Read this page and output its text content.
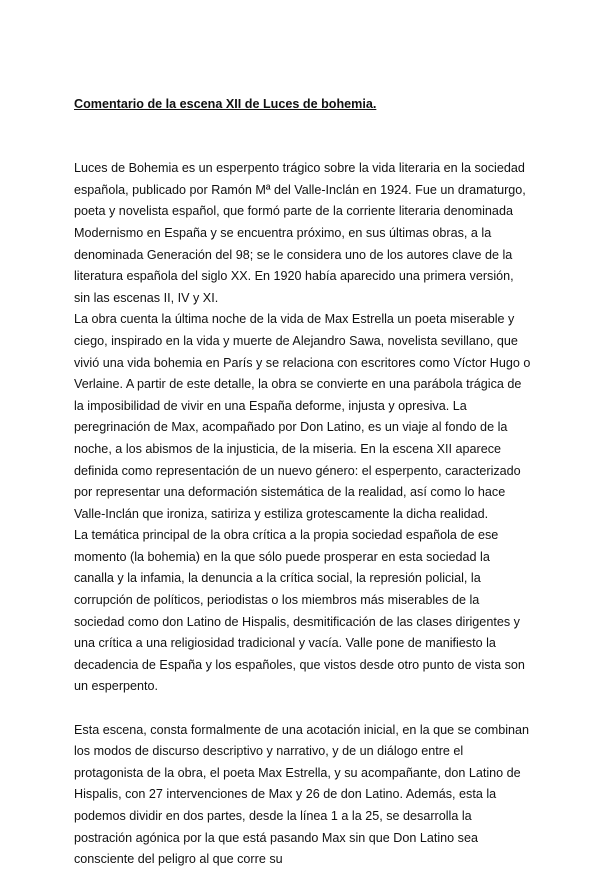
Comentario de la escena XII de Luces de bohemia.

Luces de Bohemia es un esperpento trágico sobre la vida literaria en la sociedad española, publicado por Ramón Mª del Valle-Inclán en 1924. Fue un dramaturgo, poeta y novelista español, que formó parte de la corriente literaria denominada Modernismo en España y se encuentra próximo, en sus últimas obras, a la denominada Generación del 98; se le considera uno de los autores clave de la literatura española del siglo XX. En 1920 había aparecido una primera versión, sin las escenas II, IV y XI.

La obra cuenta la última noche de la vida de Max Estrella un poeta miserable y ciego, inspirado en la vida y muerte de Alejandro Sawa, novelista sevillano, que vivió una vida bohemia en París y se relaciona con escritores como Víctor Hugo o Verlaine. A partir de este detalle, la obra se convierte en una parábola trágica de la imposibilidad de vivir en una España deforme, injusta y opresiva. La peregrinación de Max, acompañado por Don Latino, es un viaje al fondo de la noche, a los abismos de la injusticia, de la miseria. En la escena XII aparece definida como representación de un nuevo género: el esperpento, caracterizado por representar una deformación sistemática de la realidad, así como lo hace Valle-Inclán que ironiza, satiriza y estiliza grotescamente la dicha realidad.

La temática principal de la obra crítica a la propia sociedad española de ese momento (la bohemia) en la que sólo puede prosperar en esta sociedad la canalla y la infamia, la denuncia a la crítica social, la represión policial, la corrupción de políticos, periodistas o los miembros más miserables de la sociedad como don Latino de Hispalis, desmitificación de las clases dirigentes y una crítica a una religiosidad tradicional y vacía. Valle pone de manifiesto la decadencia de España y los españoles, que vistos desde otro punto de vista son un esperpento.

Esta escena, consta formalmente de una acotación inicial, en la que se combinan los modos de discurso descriptivo y narrativo, y de un diálogo entre el protagonista de la obra, el poeta Max Estrella, y su acompañante, don Latino de Hispalis, con 27 intervenciones de Max y 26 de don Latino. Además, esta la podemos dividir en dos partes, desde la línea 1 a la 25, se desarrolla la postración agónica por la que está pasando Max sin que Don Latino sea consciente del peligro al que corre su
